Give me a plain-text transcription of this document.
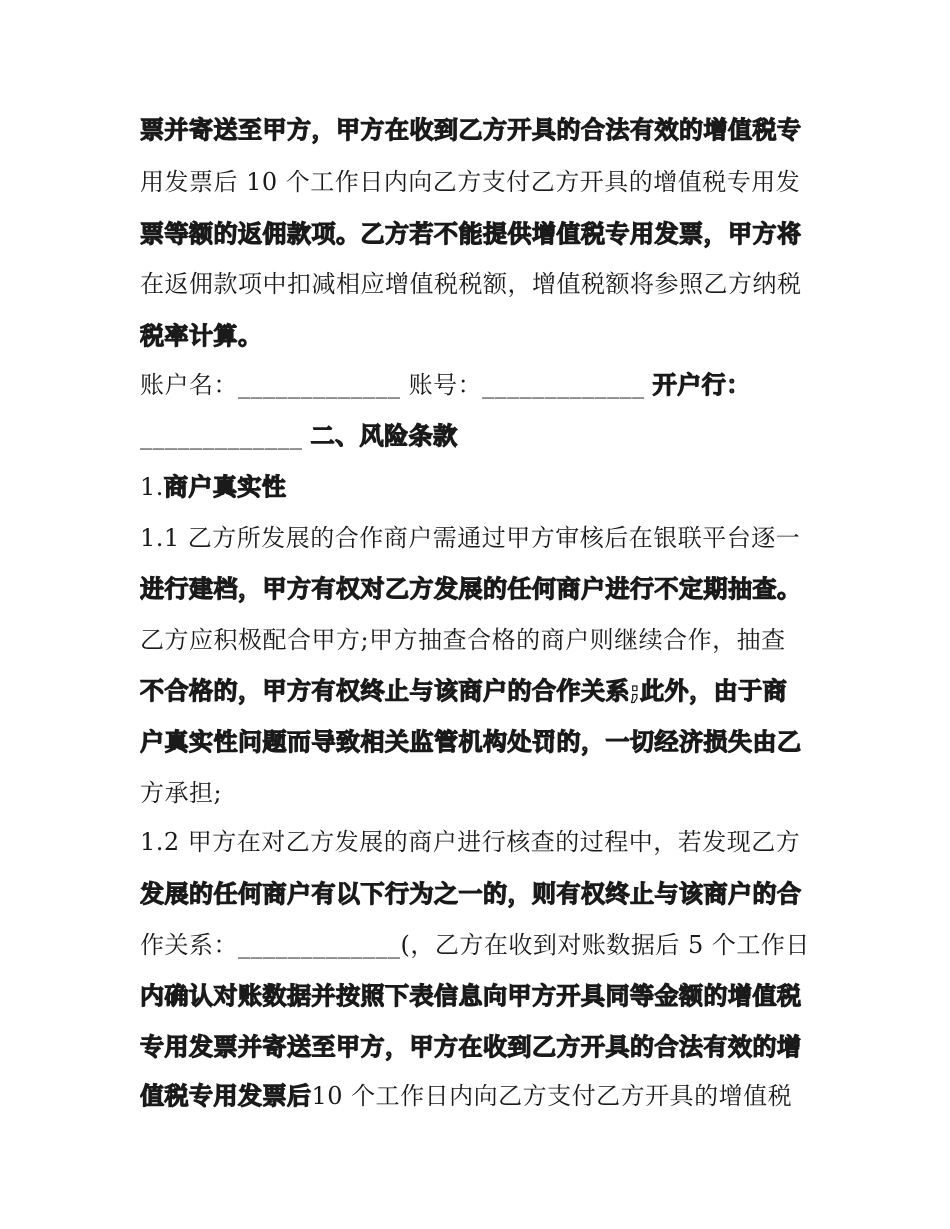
票并寄送至甲方，甲方在收到乙方开具的合法有效的增值税专
用发票后 10 个工作日内向乙方支付乙方开具的增值税专用发
票等额的返佣款项。乙方若不能提供增值税专用发票，甲方将
在返佣款项中扣减相应增值税税额，增值税额将参照乙方纳税
税率计算。
账户名：_____________ 账号：_____________ 开户行：
_____________ 二、风险条款
1.商户真实性
1.1 乙方所发展的合作商户需通过甲方审核后在银联平台逐一
进行建档，甲方有权对乙方发展的任何商户进行不定期抽查。
乙方应积极配合甲方;甲方抽查合格的商户则继续合作，抽查
不合格的，甲方有权终止与该商户的合作关系;此外，由于商
户真实性问题而导致相关监管机构处罚的，一切经济损失由乙
方承担;
1.2 甲方在对乙方发展的商户进行核查的过程中，若发现乙方
发展的任何商户有以下行为之一的，则有权终止与该商户的合
作关系：_____________(，乙方在收到对账数据后 5 个工作日
内确认对账数据并按照下表信息向甲方开具同等金额的增值税
专用发票并寄送至甲方，甲方在收到乙方开具的合法有效的增
值税专用发票后10 个工作日内向乙方支付乙方开具的增值税
